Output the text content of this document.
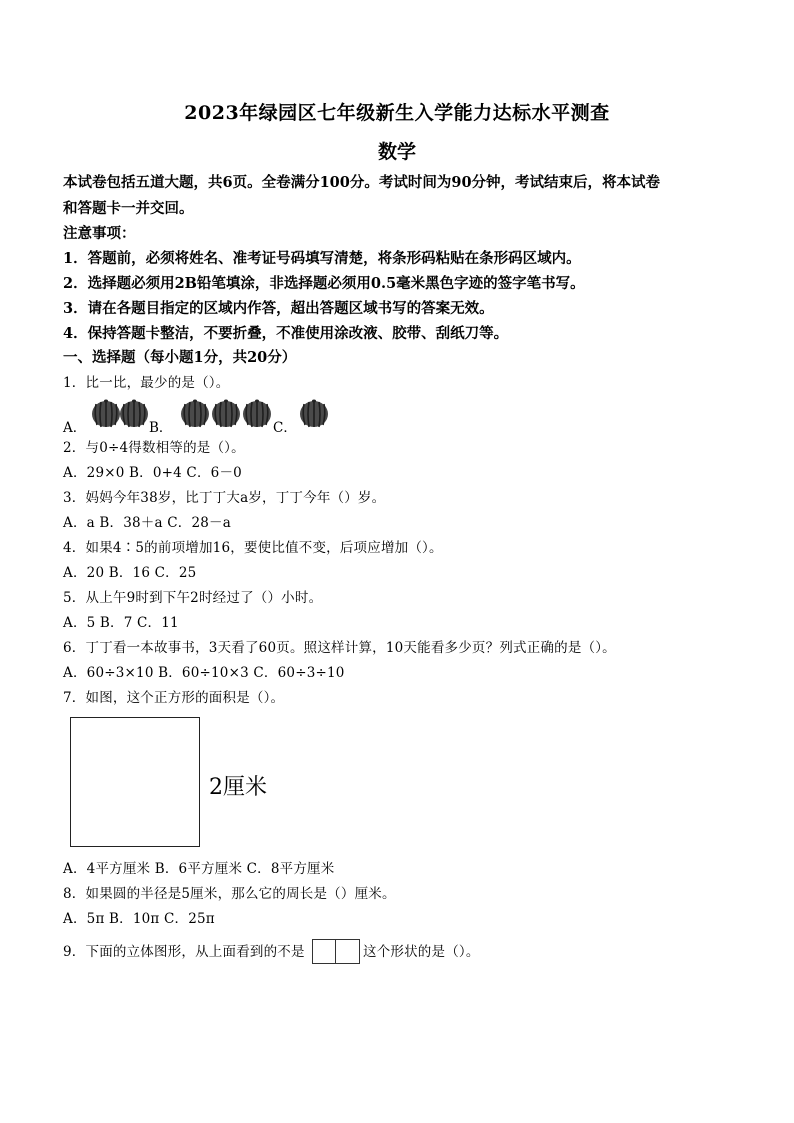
2023年绿园区七年级新生入学能力达标水平测查
数学
本试卷包括五道大题，共6页。全卷满分100分。考试时间为90分钟，考试结束后，将本试卷
和答题卡一并交回。
注意事项：
1．答题前，必须将姓名、准考证号码填写清楚，将条形码粘贴在条形码区域内。
2．选择题必须用2B铅笔填涂，非选择题必须用0.5毫米黑色字迹的签字笔书写。
3．请在各题目指定的区域内作答，超出答题区域书写的答案无效。
4．保持答题卡整洁，不要折叠，不准使用涂改液、胶带、刮纸刀等。
一、选择题（每小题1分，共20分）
1．比一比，最少的是（）。
A．	B．	C．
2．与0÷4得数相等的是（）。
A．29×0 B．0+4 C．6－0
3．妈妈今年38岁，比丁丁大a岁，丁丁今年（）岁。
A．a B．38＋a C．28－a
4．如果4∶5的前项增加16，要使比值不变，后项应增加（）。
A．20 B．16 C．25
5．从上午9时到下午2时经过了（）小时。
A．5 B．7 C．11
6．丁丁看一本故事书，3天看了60页。照这样计算，10天能看多少页？列式正确的是（）。
A．60÷3×10 B．60÷10×3 C．60÷3÷10
7．如图，这个正方形的面积是（）。
2厘米
A．4平方厘米 B．6平方厘米 C．8平方厘米
8．如果圆的半径是5厘米，那么它的周长是（）厘米。
A．5π B．10π C．25π
9．下面的立体图形，从上面看到的不是	这个形状的是（）。
